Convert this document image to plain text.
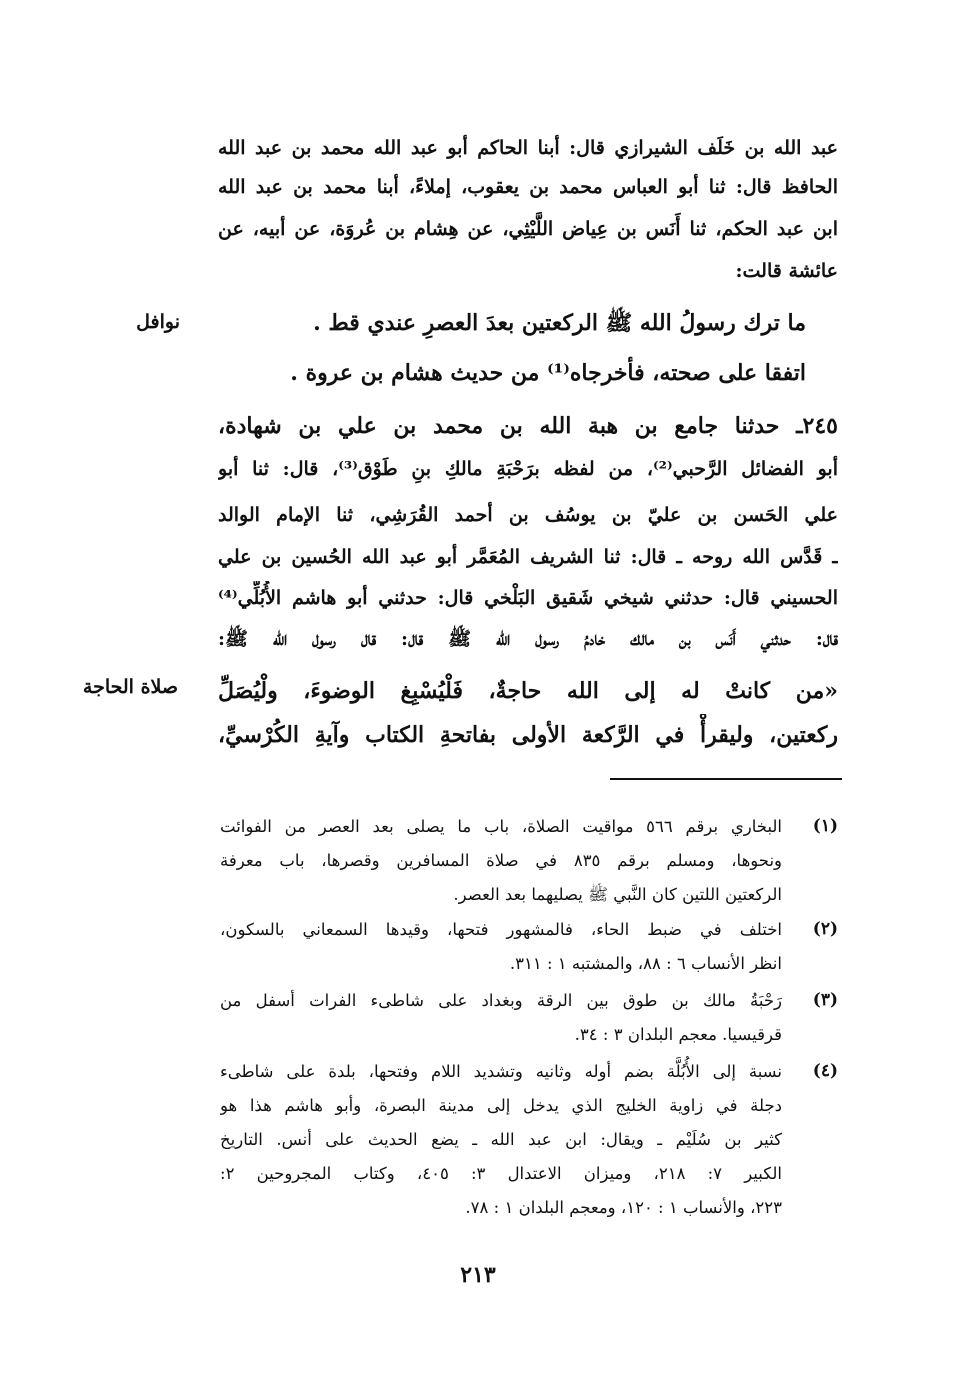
عبد الله بن خَلَف الشيرازي قال: أبنا الحاكم أبو عبد الله محمد بن عبد الله
الحافظ قال: ثنا أبو العباس محمد بن يعقوب، إملاءً، أبنا محمد بن عبد الله
ابن عبد الحكم، ثنا أَنَس بن عِياض اللَّيْثِي، عن هِشام بن عُروَة، عن أبيه، عن
عائشة قالت:
ما ترك رسولُ الله ﷺ الركعتين بعدَ العصرِ عندي قط .
اتفقا على صحته، فأخرجاه⁽¹⁾ من حديث هشام بن عروة .
٢٤٥ـ حدثنا جامع بن هبة الله بن محمد بن علي بن شهادة،
أبو الفضائل الرَّحبي⁽²⁾، من لفظه برَحْبَةِ مالكِ بنِ طَوْق⁽³⁾، قال: ثنا أبو
علي الحَسن بن عليّ بن يوسُف بن أحمد القُرَشِي، ثنا الإمام الوالد
ـ قَدَّس الله روحه ـ قال: ثنا الشريف المُعَمَّر أبو عبد الله الحُسين بن علي
الحسيني قال: حدثني شيخي شَقيق البَلْخي قال: حدثني أبو هاشم الأُبُلِّي⁽⁴⁾
قال: حدثني أَنَس بن مالك خادمُ رسول الله ﷺ قال: قال رسول الله ﷺ:
«من كانتْ له إلى الله حاجةٌ، فَلْيُسْبِغ الوضوءَ، ولْيُصَلِّ
ركعتين، وليقرأْ في الرَّكعة الأولى بفاتحةِ الكتاب وآيةِ الكُرْسيِّ،
نوافل
صلاة الحاجة
(١)
البخاري برقم ٥٦٦ مواقيت الصلاة، باب ما يصلى بعد العصر من الفوائت
ونحوها، ومسلم برقم ٨٣٥ في صلاة المسافرين وقصرها، باب معرفة
الركعتين اللتين كان النَّبي ﷺ يصليهما بعد العصر.
(٢)
اختلف في ضبط الحاء، فالمشهور فتحها، وقيدها السمعاني بالسكون،
انظر الأنساب ٦ : ٨٨، والمشتبه ١ : ٣١١.
(٣)
رَحْبَةُ مالك بن طوق بين الرقة وبغداد على شاطىء الفرات أسفل من
قرقيسيا. معجم البلدان ٣ : ٣٤.
(٤)
نسبة إلى الأُبُلَّة بضم أوله وثانيه وتشديد اللام وفتحها، بلدة على شاطىء
دجلة في زاوية الخليج الذي يدخل إلى مدينة البصرة، وأبو هاشم هذا هو
كثير بن سُلَيْم ـ ويقال: ابن عبد الله ـ يضع الحديث على أنس. التاريخ
الكبير ٧: ٢١٨، وميزان الاعتدال ٣: ٤٠٥، وكتاب المجروحين ٢:
٢٢٣، والأنساب ١ : ١٢٠، ومعجم البلدان ١ : ٧٨.
٢١٣
